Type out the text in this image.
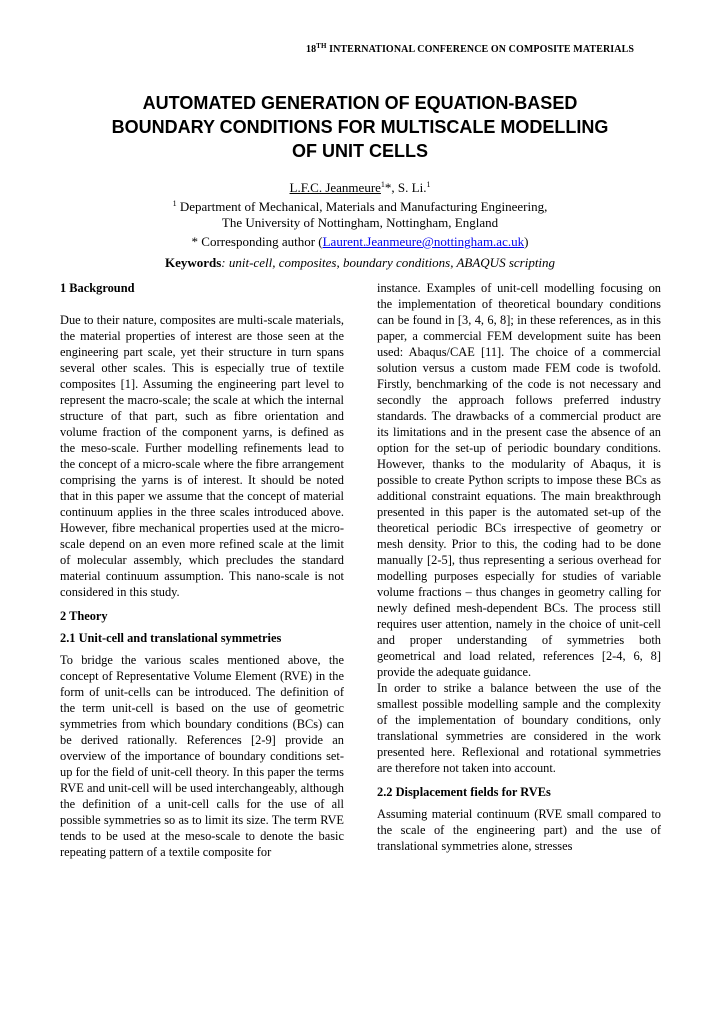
18TH INTERNATIONAL CONFERENCE ON COMPOSITE MATERIALS
AUTOMATED GENERATION OF EQUATION-BASED
BOUNDARY CONDITIONS FOR MULTISCALE MODELLING
OF UNIT CELLS
L.F.C. Jeanmeure$^1$*, S. Li.$^1$
$^1$ Department of Mechanical, Materials and Manufacturing Engineering,
The University of Nottingham, Nottingham, England
* Corresponding author (Laurent.Jeanmeure@nottingham.ac.uk)
Keywords: unit-cell, composites, boundary conditions, ABAQUS scripting
1 Background

Due to their nature, composites are multi-scale materials, the material properties of interest are those seen at the engineering part scale, yet their structure in turn spans several other scales. This is especially true of textile composites [1]. Assuming the engineering part level to represent the macro-scale; the scale at which the internal structure of that part, such as fibre orientation and volume fraction of the component yarns, is defined as the meso-scale. Further modelling refinements lead to the concept of a micro-scale where the fibre arrangement comprising the yarns is of interest. It should be noted that in this paper we assume that the concept of material continuum applies in the three scales introduced above. However, fibre mechanical properties used at the micro-scale depend on an even more refined scale at the limit of molecular assembly, which precludes the standard material continuum assumption. This nano-scale is not considered in this study.

2 Theory
2.1 Unit-cell and translational symmetries

To bridge the various scales mentioned above, the concept of Representative Volume Element (RVE) in the form of unit-cells can be introduced. The definition of the term unit-cell is based on the use of geometric symmetries from which boundary conditions (BCs) can be derived rationally. References [2-9] provide an overview of the importance of boundary conditions set-up for the field of unit-cell theory. In this paper the terms RVE and unit-cell will be used interchangeably, although the definition of a unit-cell calls for the use of all possible symmetries so as to limit its size. The term RVE tends to be used at the meso-scale to denote the basic repeating pattern of a textile composite for

instance. Examples of unit-cell modelling focusing on the implementation of theoretical boundary conditions can be found in [3, 4, 6, 8]; in these references, as in this paper, a commercial FEM development suite has been used: Abaqus/CAE [11]. The choice of a commercial solution versus a custom made FEM code is twofold. Firstly, benchmarking of the code is not necessary and secondly the approach follows preferred industry standards. The drawbacks of a commercial product are its limitations and in the present case the absence of an option for the set-up of periodic boundary conditions. However, thanks to the modularity of Abaqus, it is possible to create Python scripts to impose these BCs as additional constraint equations. The main breakthrough presented in this paper is the automated set-up of the theoretical periodic BCs irrespective of geometry or mesh density. Prior to this, the coding had to be done manually [2-5], thus representing a serious overhead for modelling purposes especially for studies of variable volume fractions – thus changes in geometry calling for newly defined mesh-dependent BCs. The process still requires user attention, namely in the choice of unit-cell and proper understanding of symmetries both geometrical and load related, references [2-4, 6, 8] provide the adequate guidance.

In order to strike a balance between the use of the smallest possible modelling sample and the complexity of the implementation of boundary conditions, only translational symmetries are considered in the work presented here. Reflexional and rotational symmetries are therefore not taken into account.

2.2 Displacement fields for RVEs

Assuming material continuum (RVE small compared to the scale of the engineering part) and the use of translational symmetries alone, stresses
